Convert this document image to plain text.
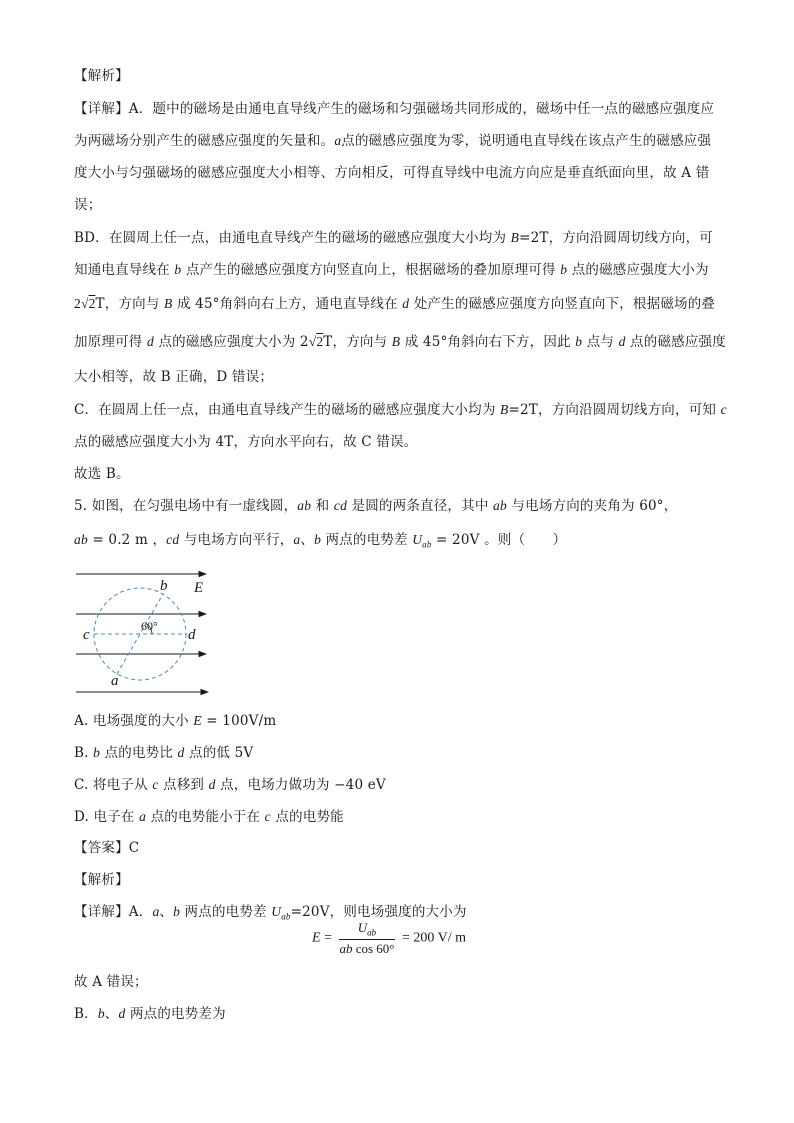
【解析】
【详解】A．题中的磁场是由通电直导线产生的磁场和匀强磁场共同形成的，磁场中任一点的磁感应强度应
为两磁场分别产生的磁感应强度的矢量和。a点的磁感应强度为零，说明通电直导线在该点产生的磁感应强
度大小与匀强磁场的磁感应强度大小相等、方向相反，可得直导线中电流方向应是垂直纸面向里，故 A 错
误；
BD．在圆周上任一点，由通电直导线产生的磁场的磁感应强度大小均为 B=2T，方向沿圆周切线方向，可
知通电直导线在 b 点产生的磁感应强度方向竖直向上，根据磁场的叠加原理可得 b 点的磁感应强度大小为
2√2T，方向与 B 成 45°角斜向右上方，通电直导线在 d 处产生的磁感应强度方向竖直向下，根据磁场的叠
加原理可得 d 点的磁感应强度大小为 2√2T，方向与 B 成 45°角斜向右下方，因此 b 点与 d 点的磁感应强度
大小相等，故 B 正确，D 错误；
C．在圆周上任一点，由通电直导线产生的磁场的磁感应强度大小均为 B=2T，方向沿圆周切线方向，可知 c
点的磁感应强度大小为 4T，方向水平向右，故 C 错误。
故选 B。
5. 如图，在匀强电场中有一虚线圆，ab 和 cd 是圆的两条直径，其中 ab 与电场方向的夹角为 60°，
ab = 0.2 m ，cd 与电场方向平行，a、b 两点的电势差 $U_{ab} = 20V$ 。则（　　）
b E
60°
c	d
a
A. 电场强度的大小 E = 100V/m
B. b 点的电势比 d 点的低 5V
C. 将电子从 c 点移到 d 点，电场力做功为 −40 eV
D. 电子在 a 点的电势能小于在 c 点的电势能
【答案】C
【解析】
【详解】A．a、b 两点的电势差 $U_{ab}=20V$，则电场强度的大小为
$E = \frac{U_{ab}}{\text{ab cos 60°}} = 200$ V/ m
故 A 错误；
B．b、d 两点的电势差为
